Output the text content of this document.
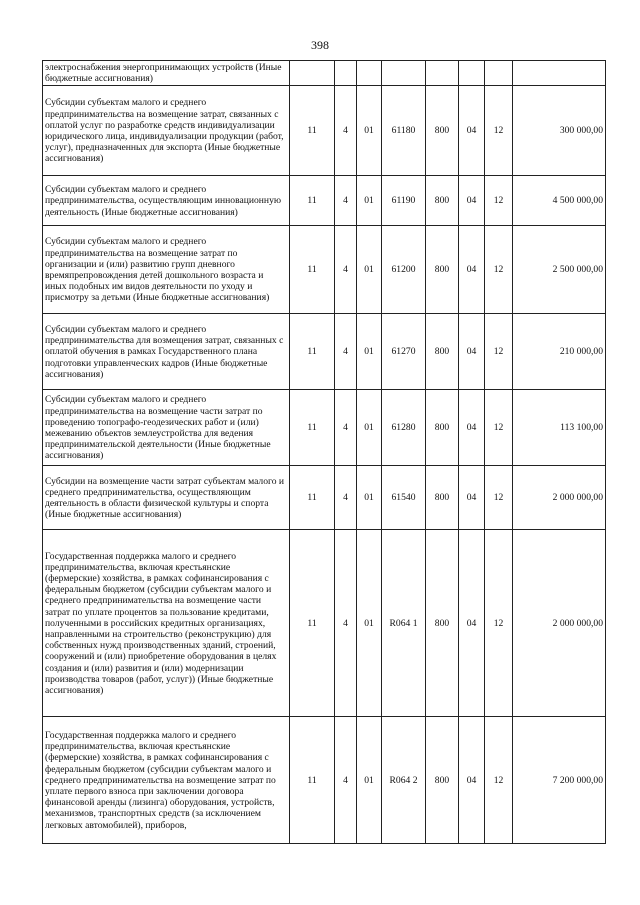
398
электроснабжения энергопринимающих устройств (Иные бюджетные ассигнования)								
Субсидии субъектам малого и среднего предпринимательства на возмещение затрат, связанных с оплатой услуг по разработке средств индивидуализации юридического лица, индивидуализации продукции (работ, услуг), предназначенных для экспорта (Иные бюджетные ассигнования)	11	4	01	61180	800	04	12	300 000,00
Субсидии субъектам малого и среднего предпринимательства, осуществляющим инновационную деятельность (Иные бюджетные ассигнования)	11	4	01	61190	800	04	12	4 500 000,00
Субсидии субъектам малого и среднего предпринимательства на возмещение затрат по организации и (или) развитию групп дневного времяпрепровождения детей дошкольного возраста и иных подобных им видов деятельности по уходу и присмотру за детьми (Иные бюджетные ассигнования)	11	4	01	61200	800	04	12	2 500 000,00
Субсидии субъектам малого и среднего предпринимательства для возмещения затрат, связанных с оплатой обучения в рамках Государственного плана подготовки управленческих кадров (Иные бюджетные ассигнования)	11	4	01	61270	800	04	12	210 000,00
Субсидии субъектам малого и среднего предпринимательства на возмещение части затрат по проведению топографо-геодезических работ и (или) межеванию объектов землеустройства для ведения предпринимательской деятельности (Иные бюджетные ассигнования)	11	4	01	61280	800	04	12	113 100,00
Субсидии на возмещение части затрат субъектам малого и среднего предпринимательства, осуществляющим деятельность в области физической культуры и спорта (Иные бюджетные ассигнования)	11	4	01	61540	800	04	12	2 000 000,00
Государственная поддержка малого и среднего предпринимательства, включая крестьянские (фермерские) хозяйства, в рамках софинансирования с федеральным бюджетом (субсидии субъектам малого и среднего предпринимательства на возмещение части затрат по уплате процентов за пользование кредитами, полученными в российских кредитных организациях, направленными на строительство (реконструкцию) для собственных нужд производственных зданий, строений, сооружений и (или) приобретение оборудования в целях создания и (или) развития и (или) модернизации производства товаров (работ, услуг)) (Иные бюджетные ассигнования)	11	4	01	R064 1	800	04	12	2 000 000,00
Государственная поддержка малого и среднего предпринимательства, включая крестьянские (фермерские) хозяйства, в рамках софинансирования с федеральным бюджетом (субсидии субъектам малого и среднего предпринимательства на возмещение затрат по уплате первого взноса при заключении договора финансовой аренды (лизинга) оборудования, устройств, механизмов, транспортных средств (за исключением легковых автомобилей), приборов,	11	4	01	R064 2	800	04	12	7 200 000,00
